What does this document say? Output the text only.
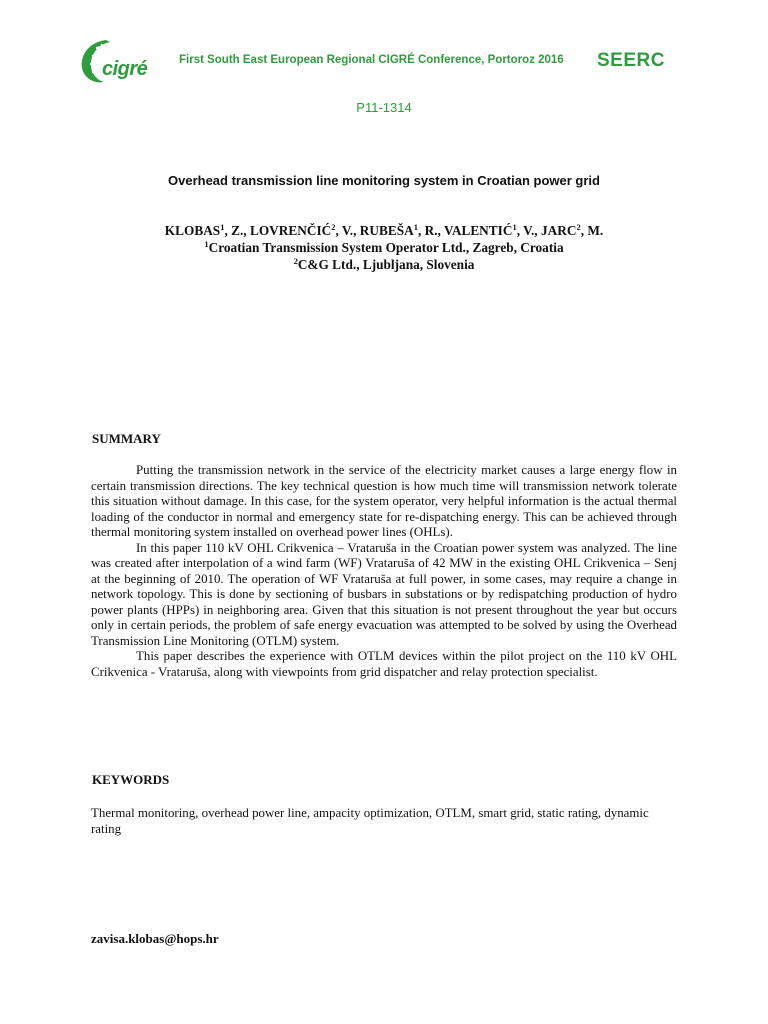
cigré	First South East European Regional CIGRÉ Conference, Portoroz 2016 SEERC
P11-1314
Overhead transmission line monitoring system in Croatian power grid
KLOBAS$^1$, Z., LOVRENČIĆ$^2$, V., RUBEŠA$^1$, R., VALENTIĆ$^1$, V., JARC$^2$, M.
$^1$Croatian Transmission System Operator Ltd., Zagreb, Croatia
$^2$C&G Ltd., Ljubljana, Slovenia
SUMMARY

Putting the transmission network in the service of the electricity market causes a large energy flow in certain transmission directions. The key technical question is how much time will transmission network tolerate this situation without damage. In this case, for the system operator, very helpful information is the actual thermal loading of the conductor in normal and emergency state for re-dispatching energy. This can be achieved through thermal monitoring system installed on overhead power lines (OHLs).

In this paper 110 kV OHL Crikvenica – Vrataruša in the Croatian power system was analyzed. The line was created after interpolation of a wind farm (WF) Vrataruša of 42 MW in the existing OHL Crikvenica – Senj at the beginning of 2010. The operation of WF Vrataruša at full power, in some cases, may require a change in network topology. This is done by sectioning of busbars in substations or by redispatching production of hydro power plants (HPPs) in neighboring area. Given that this situation is not present throughout the year but occurs only in certain periods, the problem of safe energy evacuation was attempted to be solved by using the Overhead Transmission Line Monitoring (OTLM) system.

This paper describes the experience with OTLM devices within the pilot project on the 110 kV OHL Crikvenica - Vrataruša, along with viewpoints from grid dispatcher and relay protection specialist.

KEYWORDS
Thermal monitoring, overhead power line, ampacity optimization, OTLM, smart grid, static rating, dynamic rating
zavisa.klobas@hops.hr
